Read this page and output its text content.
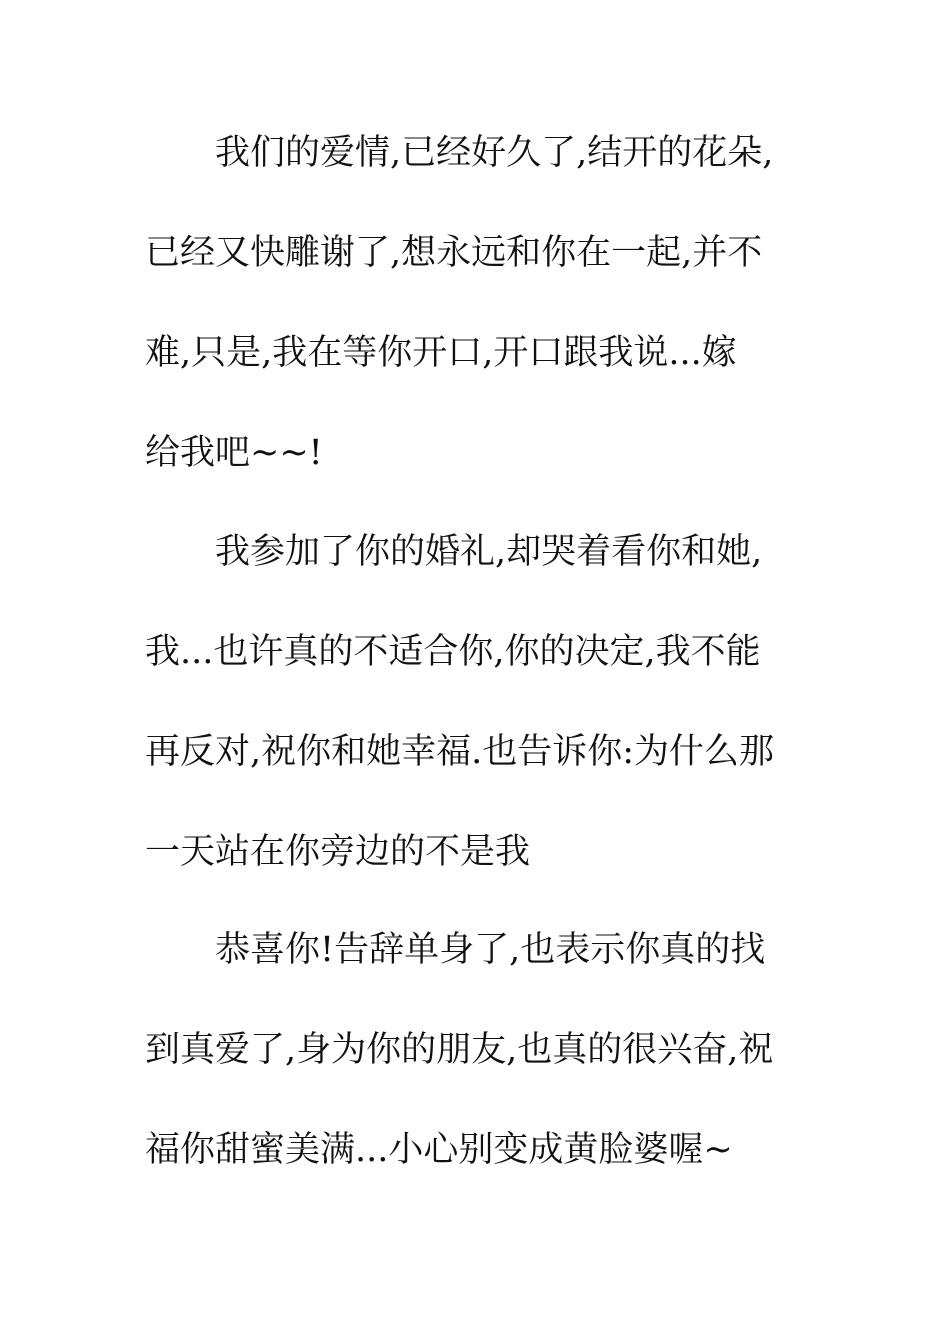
我们的爱情,已经好久了,结开的花朵,
已经又快雕谢了,想永远和你在一起,并不
难,只是,我在等你开口,开口跟我说...嫁
给我吧~~!
我参加了你的婚礼,却哭着看你和她,
我...也许真的不适合你,你的决定,我不能
再反对,祝你和她幸福.也告诉你:为什么那
一天站在你旁边的不是我
恭喜你!告辞单身了,也表示你真的找
到真爱了,身为你的朋友,也真的很兴奋,祝
福你甜蜜美满...小心别变成黄脸婆喔~
